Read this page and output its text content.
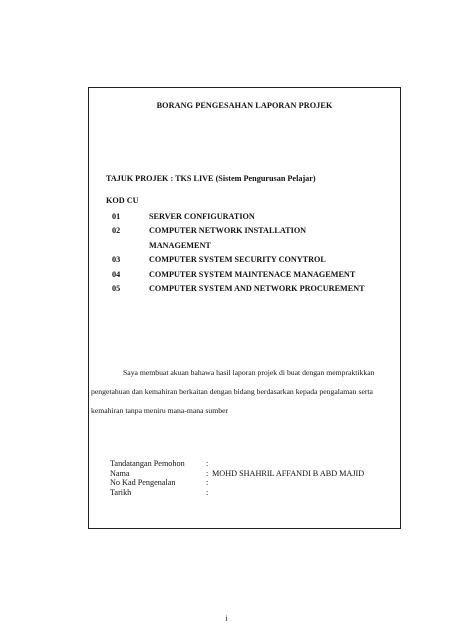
BORANG PENGESAHAN LAPORAN PROJEK
TAJUK PROJEK : TKS LIVE (Sistem Pengurusan Pelajar)
KOD CU
01	SERVER CONFIGURATION
02	COMPUTER NETWORK INSTALLATION
MANAGEMENT
03	COMPUTER SYSTEM SECURITY CONYTROL
04	COMPUTER SYSTEM MAINTENACE MANAGEMENT
05	COMPUTER SYSTEM AND NETWORK PROCUREMENT

Saya membuat akuan bahawa hasil laporan projek di buat dengan mempraktikkan pengetahuan dan kemahiran berkaitan dengan bidang berdasarkan kepada pengalaman serta kemahiran tanpa meniru mana-mana sumber

Tandatangan Pemohon	:
Nama	: MOHD SHAHRIL AFFANDI B ABD MAJID
No Kad Pengenalan	:
Tarikh	:
i
